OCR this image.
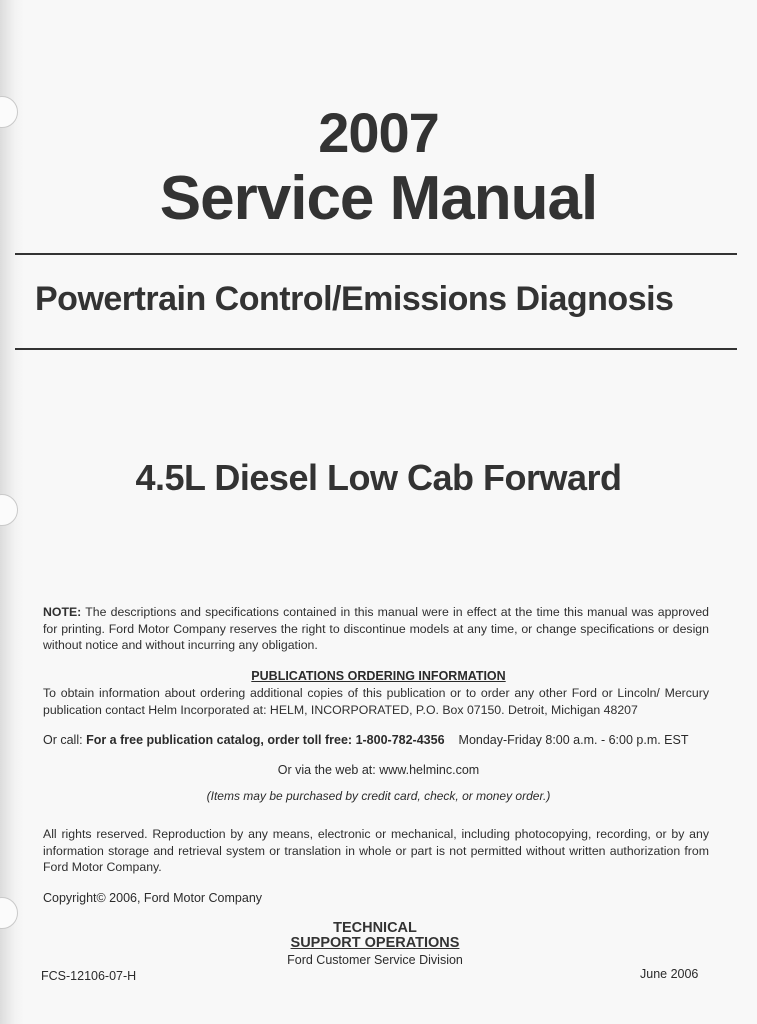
2007
Service Manual
Powertrain Control/Emissions Diagnosis
4.5L Diesel Low Cab Forward
NOTE: The descriptions and specifications contained in this manual were in effect at the time this manual was approved for printing. Ford Motor Company reserves the right to discontinue models at any time, or change specifications or design without notice and without incurring any obligation.
PUBLICATIONS ORDERING INFORMATION
To obtain information about ordering additional copies of this publication or to order any other Ford or Lincoln/ Mercury publication contact Helm Incorporated at: HELM, INCORPORATED, P.O. Box 07150. Detroit, Michigan 48207
Or call: For a free publication catalog, order toll free: 1-800-782-4356 Monday-Friday 8:00 a.m. - 6:00 p.m. EST
Or via the web at: www.helminc.com
(Items may be purchased by credit card, check, or money order.)
All rights reserved. Reproduction by any means, electronic or mechanical, including photocopying, recording, or by any information storage and retrieval system or translation in whole or part is not permitted without written authorization from Ford Motor Company.
Copyright© 2006, Ford Motor Company
TECHNICAL
SUPPORT OPERATIONS
Ford Customer Service Division
FCS-12106-07-H	June 2006
